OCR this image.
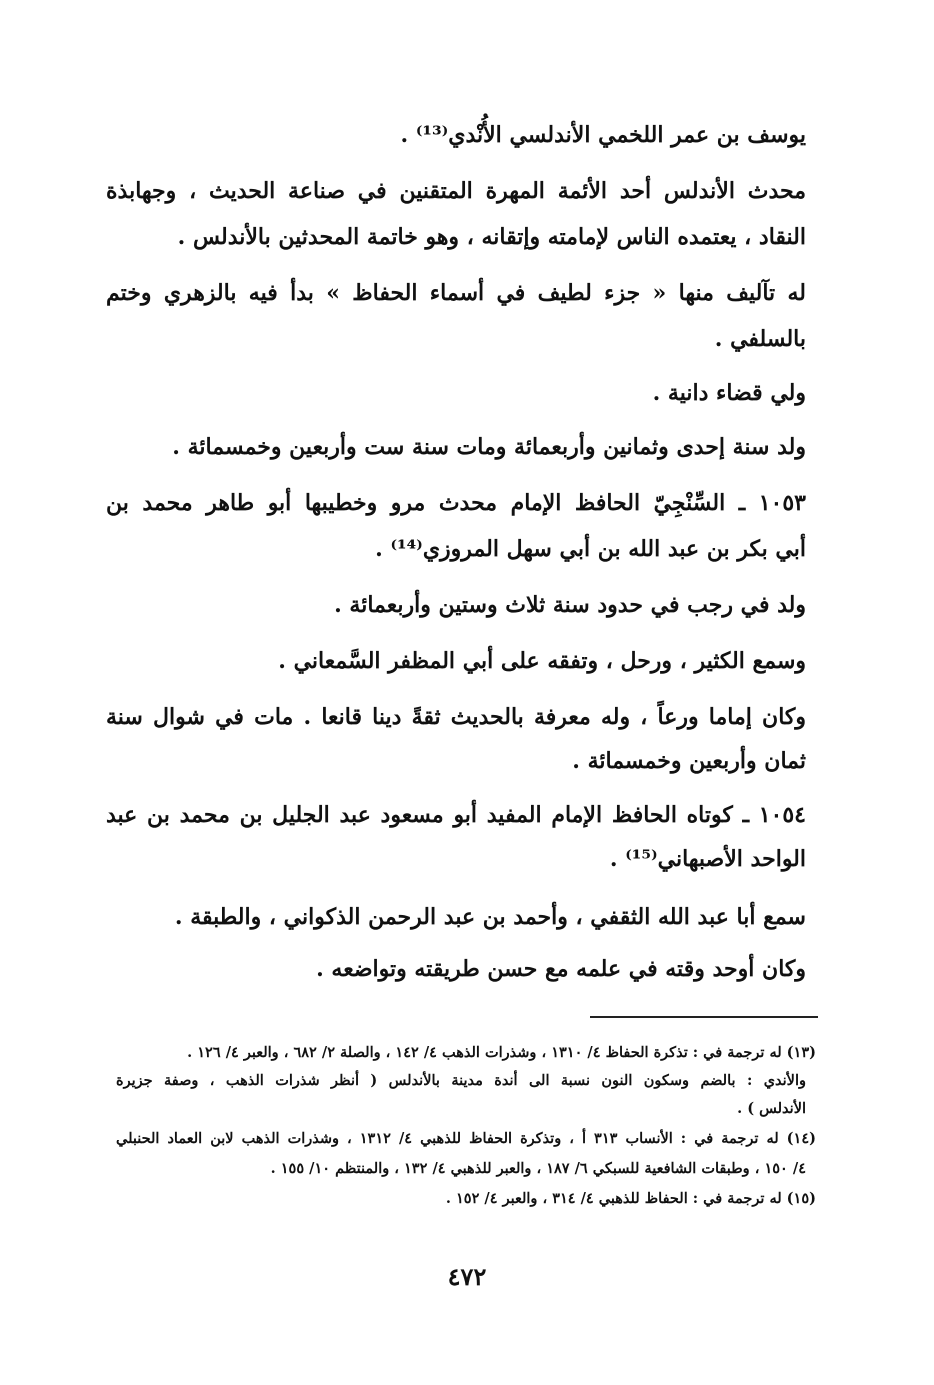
يوسف بن عمر اللخمي الأندلسي الأُنْدي⁽¹³⁾ .
محدث الأندلس أحد الأئمة المهرة المتقنين في صناعة الحديث ، وجهابذة
النقاد ، يعتمده الناس لإمامته وإتقانه ، وهو خاتمة المحدثين بالأندلس .
له تآليف منها « جزء لطيف في أسماء الحفاظ » بدأ فيه بالزهري وختم
بالسلفي .
ولي قضاء دانية .
ولد سنة إحدى وثمانين وأربعمائة ومات سنة ست وأربعين وخمسمائة .
١٠٥٣ ـ السِّنْجِيّ الحافظ الإمام محدث مرو وخطيبها أبو طاهر محمد بن
أبي بكر بن عبد الله بن أبي سهل المروزي⁽¹⁴⁾ .
ولد في رجب في حدود سنة ثلاث وستين وأربعمائة .
وسمع الكثير ، ورحل ، وتفقه على أبي المظفر السَّمعاني .
وكان إماما ورعاً ، وله معرفة بالحديث ثقةً دينا قانعا . مات في شوال سنة
ثمان وأربعين وخمسمائة .
١٠٥٤ ـ كوتاه الحافظ الإمام المفيد أبو مسعود عبد الجليل بن محمد بن عبد
الواحد الأصبهاني⁽¹⁵⁾ .
سمع أبا عبد الله الثقفي ، وأحمد بن عبد الرحمن الذكواني ، والطبقة .
وكان أوحد وقته في علمه مع حسن طريقته وتواضعه .
(١٣) له ترجمة في : تذكرة الحفاظ ٤/ ١٣١٠ ، وشذرات الذهب ٤/ ١٤٢ ، والصلة ٢/ ٦٨٢ ، والعبر ٤/ ١٢٦ .
والأندي : بالضم وسكون النون نسبة الى أندة مدينة بالأندلس ( أنظر شذرات الذهب ، وصفة جزيرة
الأندلس ) .
(١٤) له ترجمة في : الأنساب ٣١٣ أ ، وتذكرة الحفاظ للذهبي ٤/ ١٣١٢ ، وشذرات الذهب لابن العماد الحنبلي
٤/ ١٥٠ ، وطبقات الشافعية للسبكي ٦/ ١٨٧ ، والعبر للذهبي ٤/ ١٣٢ ، والمنتظم ١٠/ ١٥٥ .
(١٥) له ترجمة في : الحفاظ للذهبي ٤/ ٣١٤ ، والعبر ٤/ ١٥٢ .
٤٧٢
